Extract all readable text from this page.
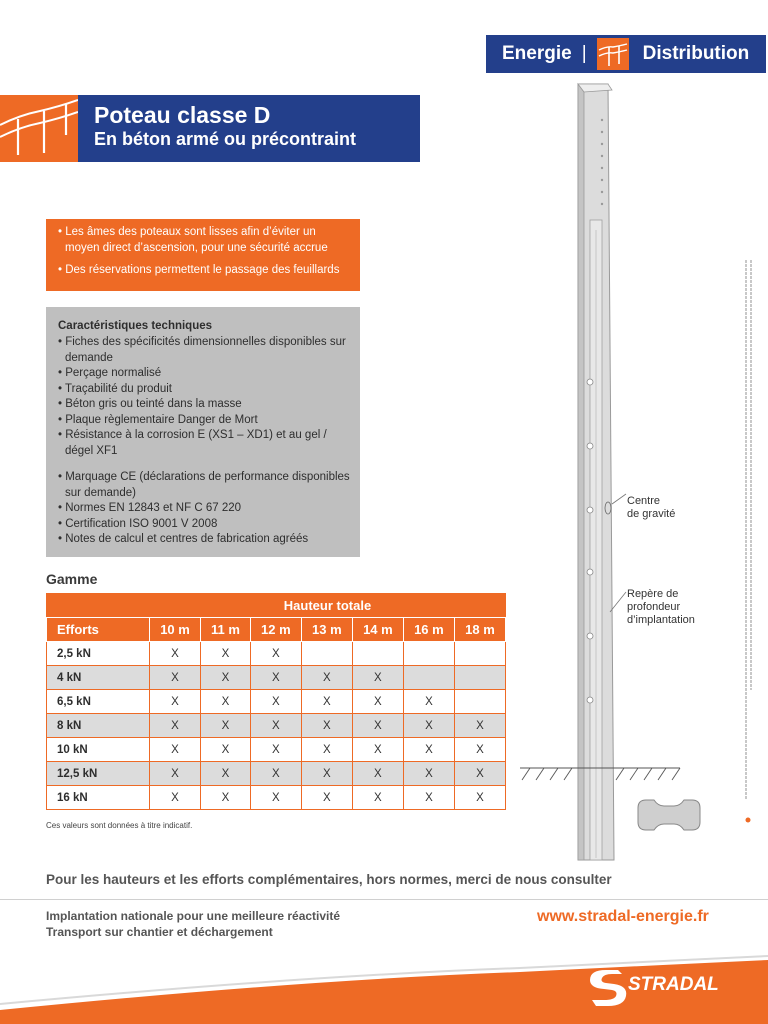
Energie |	Distribution
Poteau classe D
En béton armé ou précontraint
• Les âmes des poteaux sont lisses afin d’éviter un moyen direct d’ascension, pour une sécurité accrue
• Des réservations permettent le passage des feuillards
Caractéristiques techniques
• Fiches des spécificités dimensionnelles disponibles sur demande
• Perçage normalisé
• Traçabilité du produit
• Béton gris ou teinté dans la masse
• Plaque règlementaire Danger de Mort
• Résistance à la corrosion E (XS1 – XD1) et au gel / dégel XF1
• Marquage CE (déclarations de performance disponibles sur demande)
• Normes EN 12843 et NF C 67 220
• Certification ISO 9001 V 2008
• Notes de calcul et centres de fabrication agréés
Gamme
	Hauteur totale						
Efforts	10 m	11 m	12 m	13 m	14 m	16 m	18 m
2,5 kN	X	X	X				
4 kN	X	X	X	X	X		
6,5 kN	X	X	X	X	X	X	
8 kN	X	X	X	X	X	X	X
10 kN	X	X	X	X	X	X	X
12,5 kN	X	X	X	X	X	X	X
16 kN	X	X	X	X	X	X	X
Ces valeurs sont données à titre indicatif.
Centre
de gravité
Repère de
profondeur
d’implantation
Pour les hauteurs et les efforts complémentaires, hors normes, merci de nous consulter
Implantation nationale pour une meilleure réactivité
Transport sur chantier et déchargement
www.stradal-energie.fr
STRADAL
